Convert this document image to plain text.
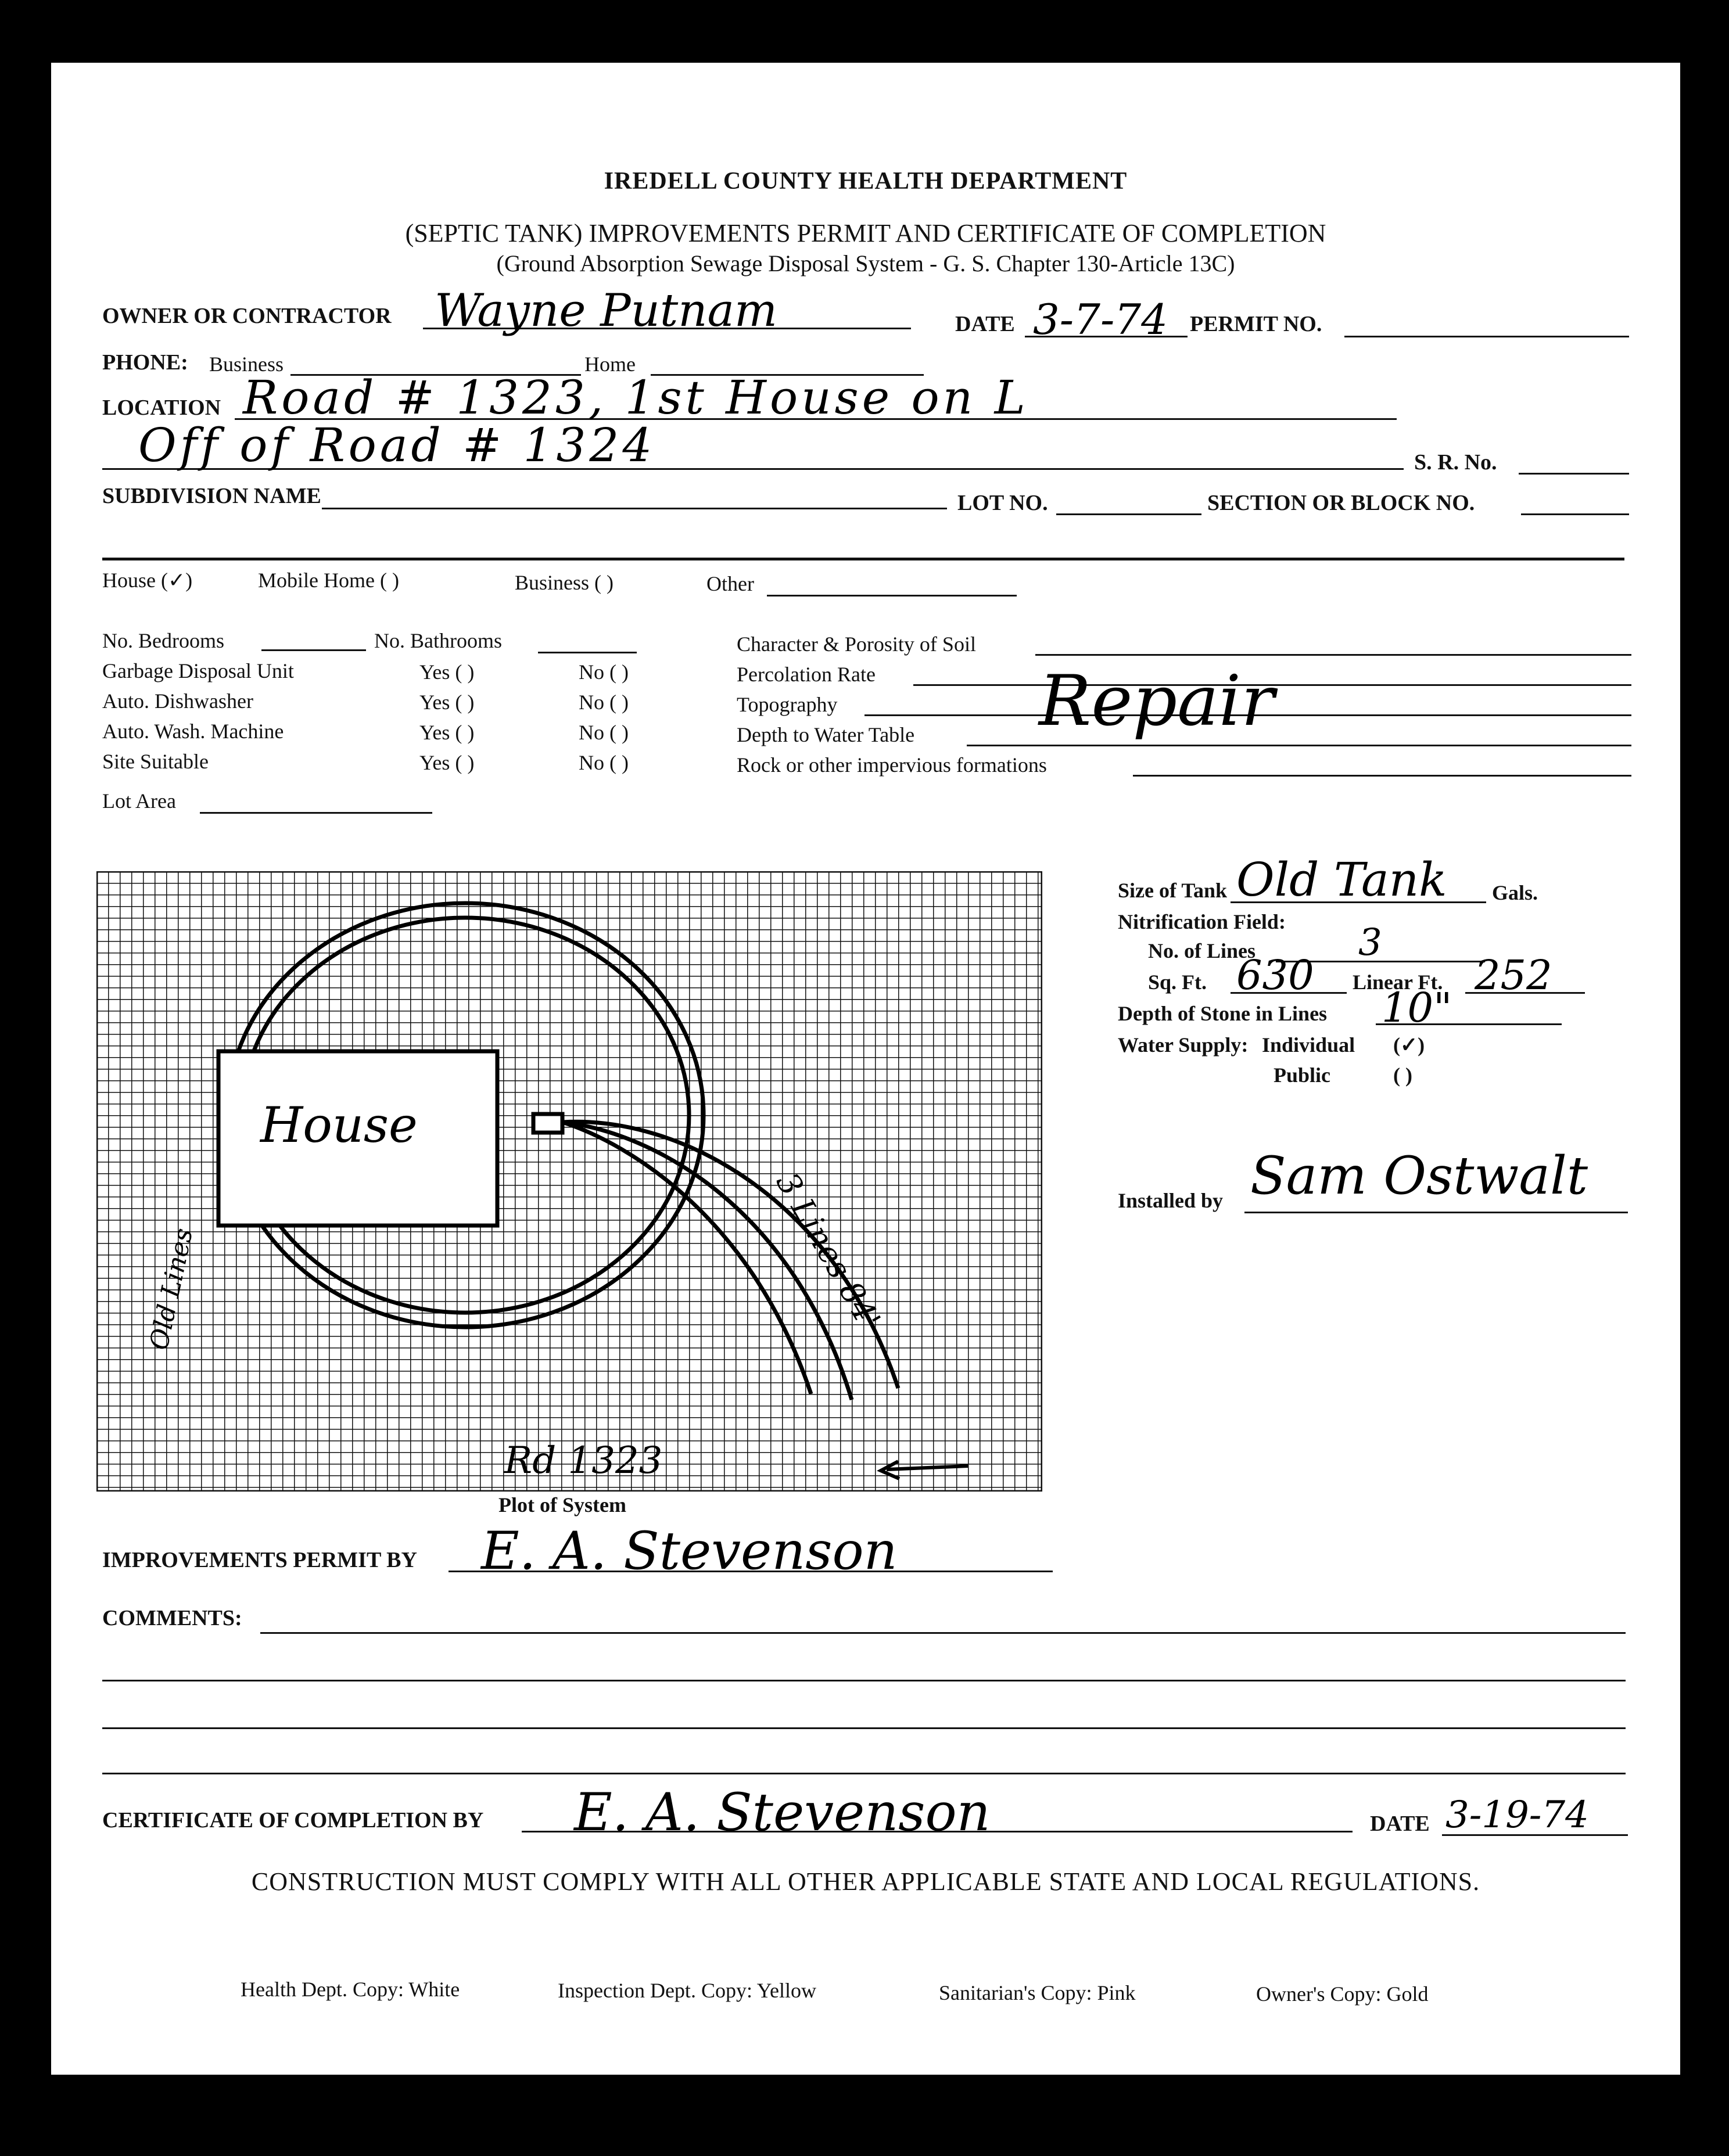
IREDELL COUNTY HEALTH DEPARTMENT
(SEPTIC TANK) IMPROVEMENTS PERMIT AND CERTIFICATE OF COMPLETION
(Ground Absorption Sewage Disposal System - G. S. Chapter 130-Article 13C)
OWNER OR CONTRACTOR Wayne Putnam	DATE 3-7-74 PERMIT NO.
PHONE: Business	Home
LOCATION Road # 1323, 1st House on L
Off of Road # 1324	S. R. No.
SUBDIVISION NAME	LOT NO.	SECTION OR BLOCK NO.
House (✓)	Mobile Home ( )	Business ( )	Other
No. Bedrooms	No. Bathrooms
Garbage Disposal Unit	Yes ( )	No ( )
Auto. Dishwasher	Yes ( )	No ( )
Auto. Wash. Machine	Yes ( )	No ( )
Site Suitable	Yes ( )	No ( )
Lot Area
Character & Porosity of Soil
Percolation Rate
Topography
Depth to Water Table
Rock or other impervious formations
Repair
House
3 Lines 84'
Old Lines
Rd 1323
Plot of System
Size of Tank Old Tank Gals.
Nitrification Field:
No. of Lines	3
Sq. Ft. 630 Linear Ft. 252
Depth of Stone in Lines 10"
Water Supply: Individual (✓)
Public	( )
Installed by Sam Ostwalt
IMPROVEMENTS PERMIT BY E. A. Stevenson
COMMENTS:
CERTIFICATE OF COMPLETION BY E. A. Stevenson	DATE 3-19-74
CONSTRUCTION MUST COMPLY WITH ALL OTHER APPLICABLE STATE AND LOCAL REGULATIONS.
Health Dept. Copy: White	Inspection Dept. Copy: Yellow	Sanitarian's Copy: Pink	Owner's Copy: Gold
